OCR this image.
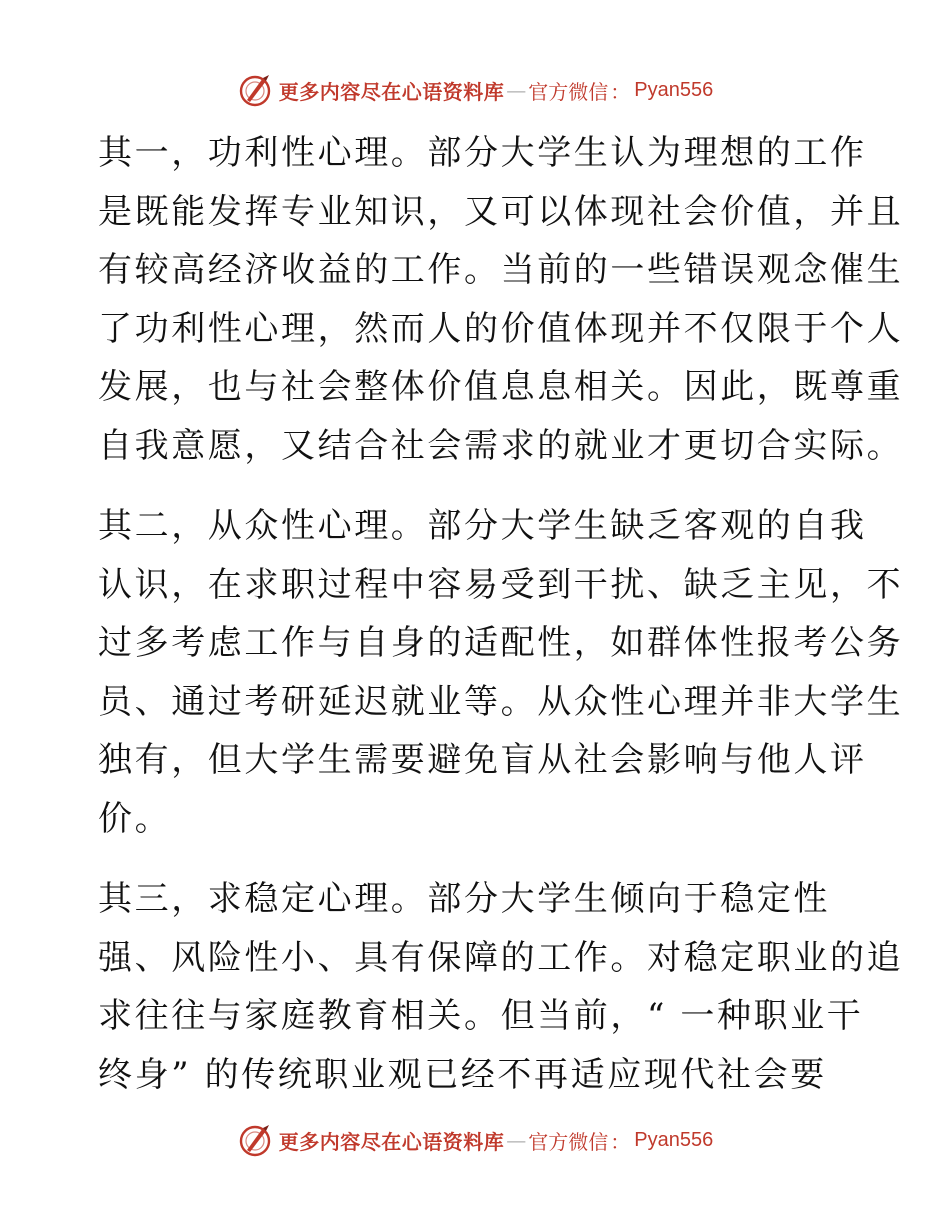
更多内容尽在心语资料库 — 官方微信 ： Pyan556

其一，功利性心理。部分大学生认为理想的工作
是既能发挥专业知识，又可以体现社会价值，并且
有较高经济收益的工作。当前的一些错误观念催生
了功利性心理，然而人的价值体现并不仅限于个人
发展，也与社会整体价值息息相关。因此，既尊重
自我意愿，又结合社会需求的就业才更切合实际。

其二，从众性心理。部分大学生缺乏客观的自我
认识，在求职过程中容易受到干扰、缺乏主见，不
过多考虑工作与自身的适配性，如群体性报考公务
员、通过考研延迟就业等。从众性心理并非大学生
独有，但大学生需要避免盲从社会影响与他人评
价。

其三，求稳定心理。部分大学生倾向于稳定性
强、风险性小、具有保障的工作。对稳定职业的追
求往往与家庭教育相关。但当前，“ 一种职业干
终身” 的传统职业观已经不再适应现代社会要

更多内容尽在心语资料库 — 官方微信 ： Pyan556
